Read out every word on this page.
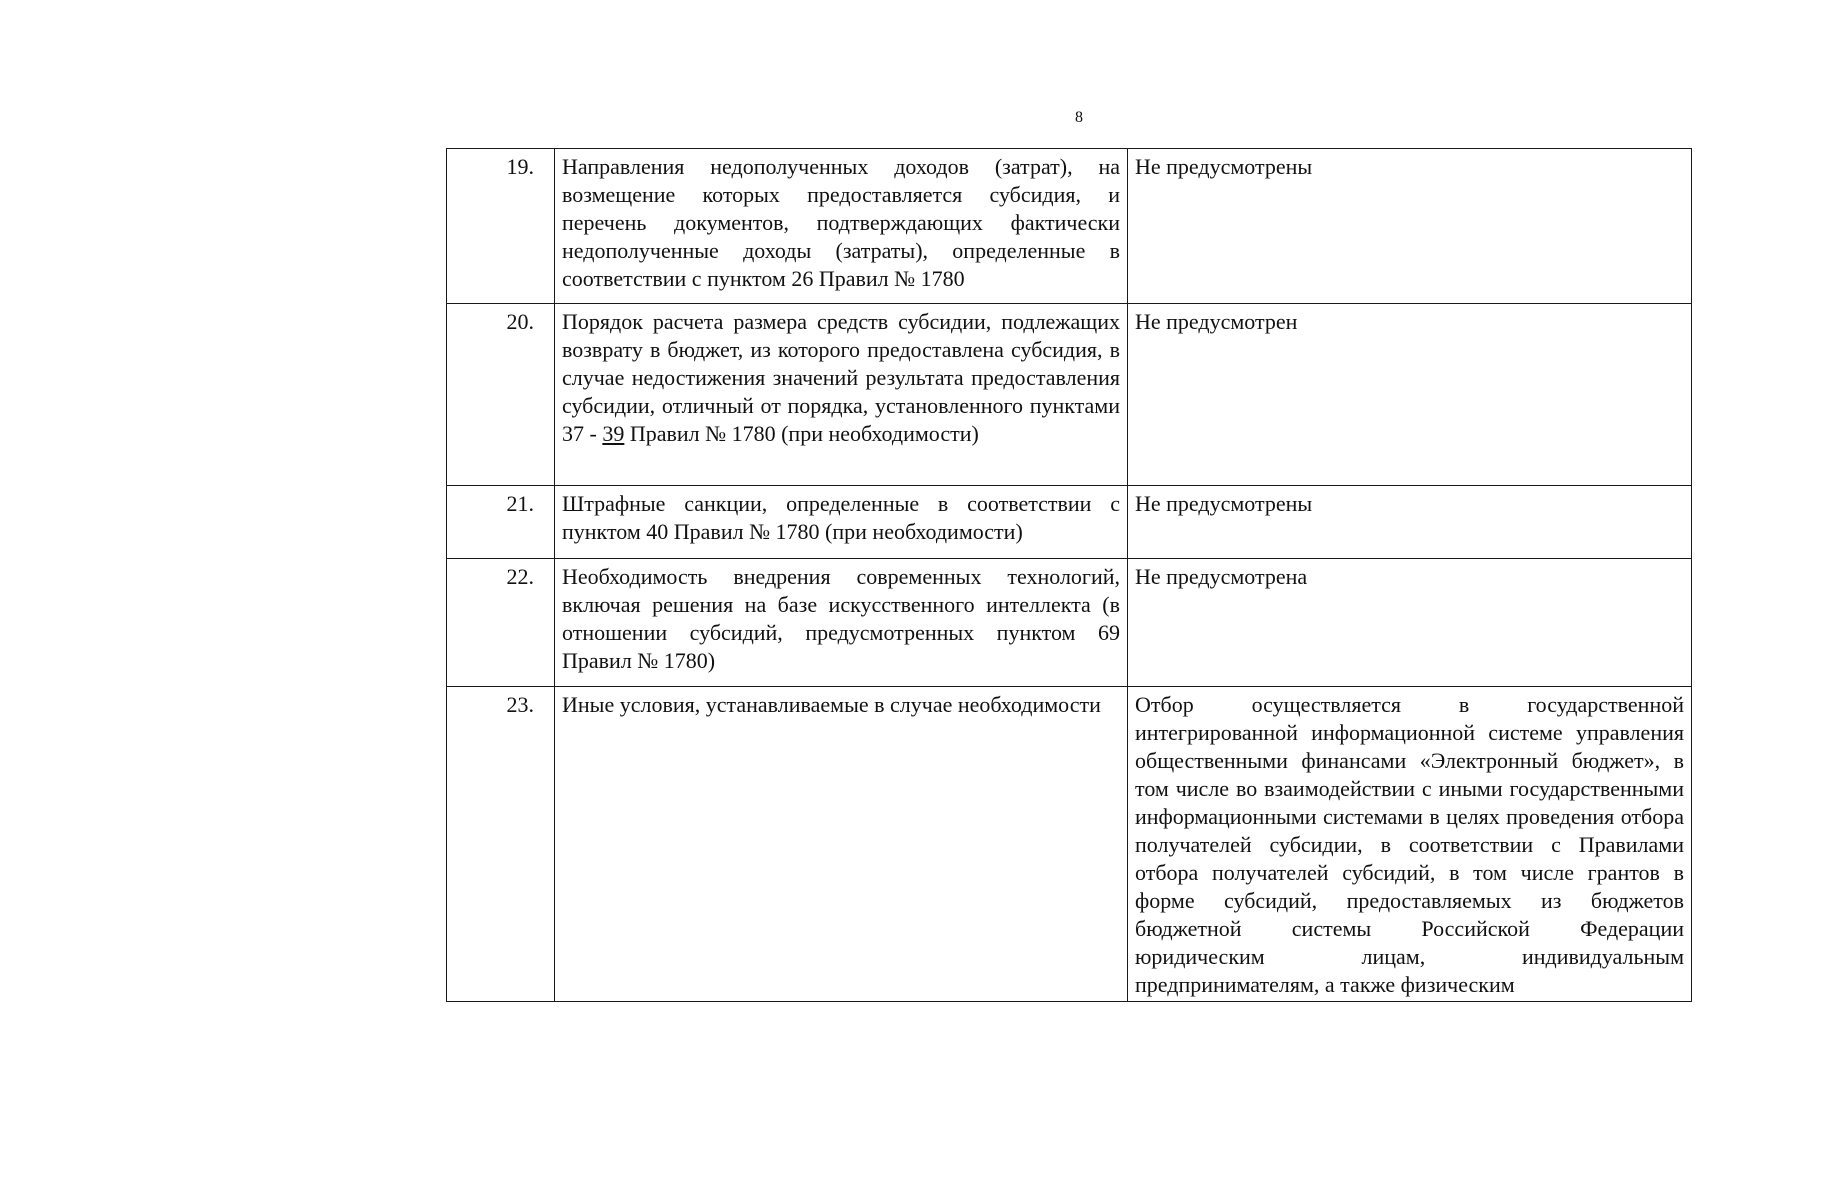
8
19.	Направления недополученных доходов (затрат), на возмещение которых предоставляется субсидия, и перечень документов, подтверждающих фактически недополученные доходы (затраты), определенные в соответствии с пунктом 26 Правил № 1780	Не предусмотрены
20.	Порядок расчета размера средств субсидии, подлежащих возврату в бюджет, из которого предоставлена субсидия, в случае недостижения значений результата предоставления субсидии, отличный от порядка, установленного пунктами 37 - 39 Правил № 1780 (при необходимости)	Не предусмотрен
21.	Штрафные санкции, определенные в соответствии с пунктом 40 Правил № 1780 (при необходимости)	Не предусмотрены
22.	Необходимость внедрения современных технологий, включая решения на базе искусственного интеллекта (в отношении субсидий, предусмотренных пунктом 69 Правил № 1780)	Не предусмотрена
23.	Иные условия, устанавливаемые в случае необходимости	Отбор осуществляется в государственной интегрированной информационной системе управления общественными финансами «Электронный бюджет», в том числе во взаимодействии с иными государственными информационными системами в целях проведения отбора получателей субсидии, в соответствии с Правилами отбора получателей субсидий, в том числе грантов в форме субсидий, предоставляемых из бюджетов бюджетной системы Российской Федерации юридическим лицам, индивидуальным предпринимателям, а также физическим
